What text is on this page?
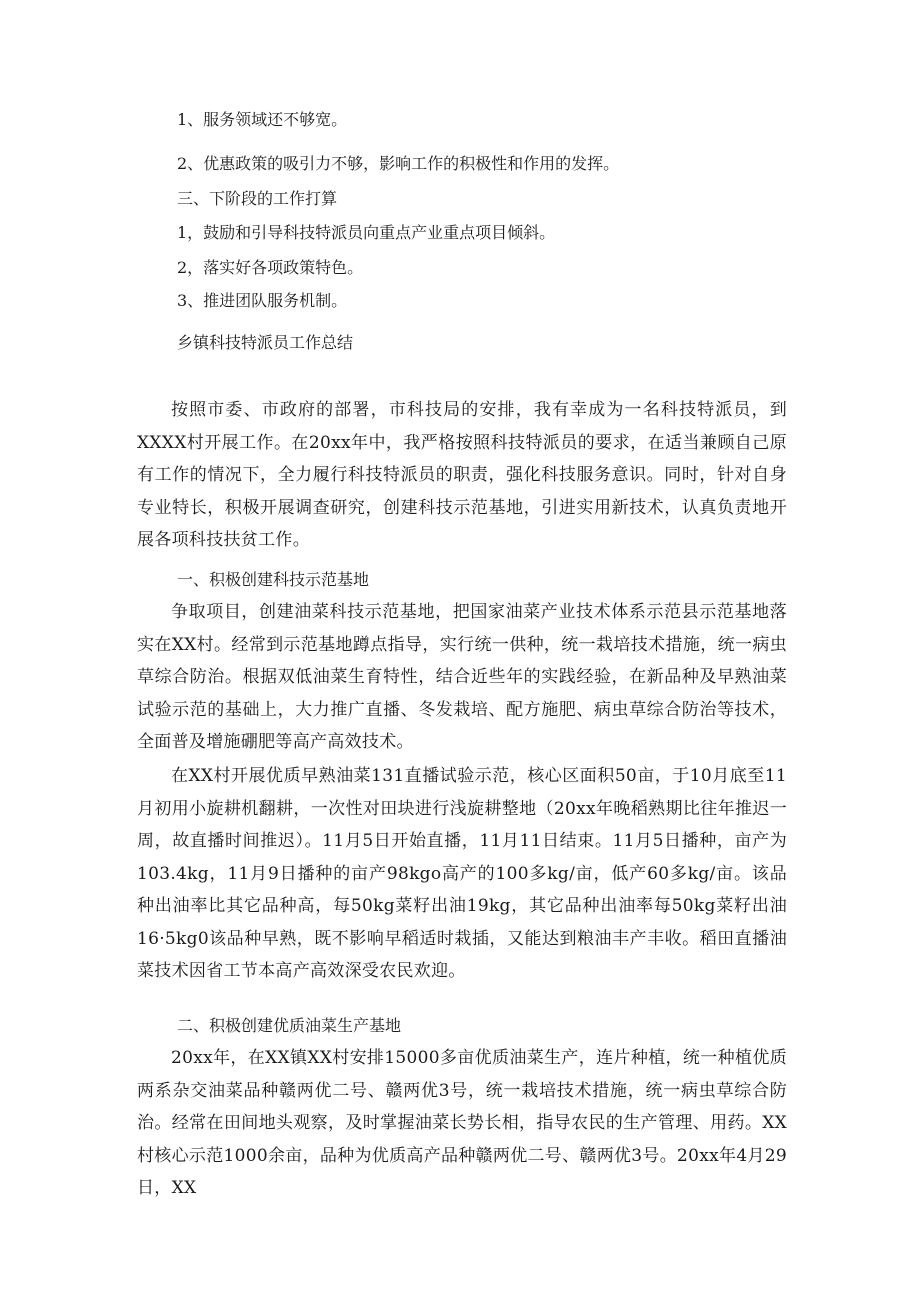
1、服务领域还不够宽。
2、优惠政策的吸引力不够，影响工作的积极性和作用的发挥。
三、下阶段的工作打算
1，鼓励和引导科技特派员向重点产业重点项目倾斜。
2，落实好各项政策特色。
3、推进团队服务机制。
乡镇科技特派员工作总结
按照市委、市政府的部署，市科技局的安排，我有幸成为一名科技特派员，到XXXX村开展工作。在20xx年中，我严格按照科技特派员的要求，在适当兼顾自己原有工作的情况下，全力履行科技特派员的职责，强化科技服务意识。同时，针对自身专业特长，积极开展调查研究，创建科技示范基地，引进实用新技术，认真负责地开展各项科技扶贫工作。
一、积极创建科技示范基地
争取项目，创建油菜科技示范基地，把国家油菜产业技术体系示范县示范基地落实在XX村。经常到示范基地蹲点指导，实行统一供种，统一栽培技术措施，统一病虫草综合防治。根据双低油菜生育特性，结合近些年的实践经验，在新品种及早熟油菜试验示范的基础上，大力推广直播、冬发栽培、配方施肥、病虫草综合防治等技术，全面普及增施硼肥等高产高效技术。
在XX村开展优质早熟油菜131直播试验示范，核心区面积50亩，于10月底至11月初用小旋耕机翻耕，一次性对田块进行浅旋耕整地（20xx年晚稻熟期比往年推迟一周，故直播时间推迟）。11月5日开始直播，11月11日结束。11月5日播种，亩产为103.4kg，11月9日播种的亩产98kgo高产的100多kg/亩，低产60多kg/亩。该品种出油率比其它品种高，每50kg菜籽出油19kg，其它品种出油率每50kg菜籽出油16·5kg0该品种早熟，既不影响早稻适时栽插，又能达到粮油丰产丰收。稻田直播油菜技术因省工节本高产高效深受农民欢迎。
二、积极创建优质油菜生产基地
20xx年，在XX镇XX村安排15000多亩优质油菜生产，连片种植，统一种植优质两系杂交油菜品种赣两优二号、赣两优3号，统一栽培技术措施，统一病虫草综合防治。经常在田间地头观察，及时掌握油菜长势长相，指导农民的生产管理、用药。XX村核心示范1000余亩，品种为优质高产品种赣两优二号、赣两优3号。20xx年4月29日，XX
